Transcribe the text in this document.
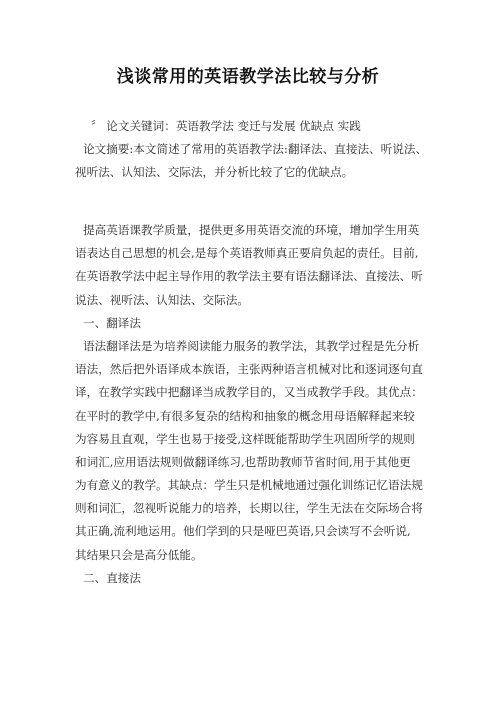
浅谈常用的英语教学法比较与分析
〞 论文关键词：英语教学法 变迁与发展 优缺点 实践
论文摘要:本文简述了常用的英语教学法:翻译法、直接法、听说法、
视听法、认知法、交际法，并分析比较了它的优缺点。
提高英语课教学质量，提供更多用英语交流的环境，增加学生用英
语表达自己思想的机会,是每个英语教师真正要肩负起的责任。目前,
在英语教学法中起主导作用的教学法主要有语法翻译法、直接法、听
说法、视听法、认知法、交际法。
一、翻译法
语法翻译法是为培养阅读能力服务的教学法，其教学过程是先分析
语法，然后把外语译成本族语，主张两种语言机械对比和逐词逐句直
译，在教学实践中把翻译当成教学目的，又当成教学手段。其优点：
在平时的教学中,有很多复杂的结构和抽象的概念用母语解释起来较
为容易且直观，学生也易于接受,这样既能帮助学生巩固所学的规则
和词汇,应用语法规则做翻译练习,也帮助教师节省时间,用于其他更
为有意义的教学。其缺点：学生只是机械地通过强化训练记忆语法规
则和词汇，忽视听说能力的培养，长期以往，学生无法在交际场合将
其正确,流利地运用。他们学到的只是哑巴英语,只会读写不会听说,
其结果只会是高分低能。
二、直接法
